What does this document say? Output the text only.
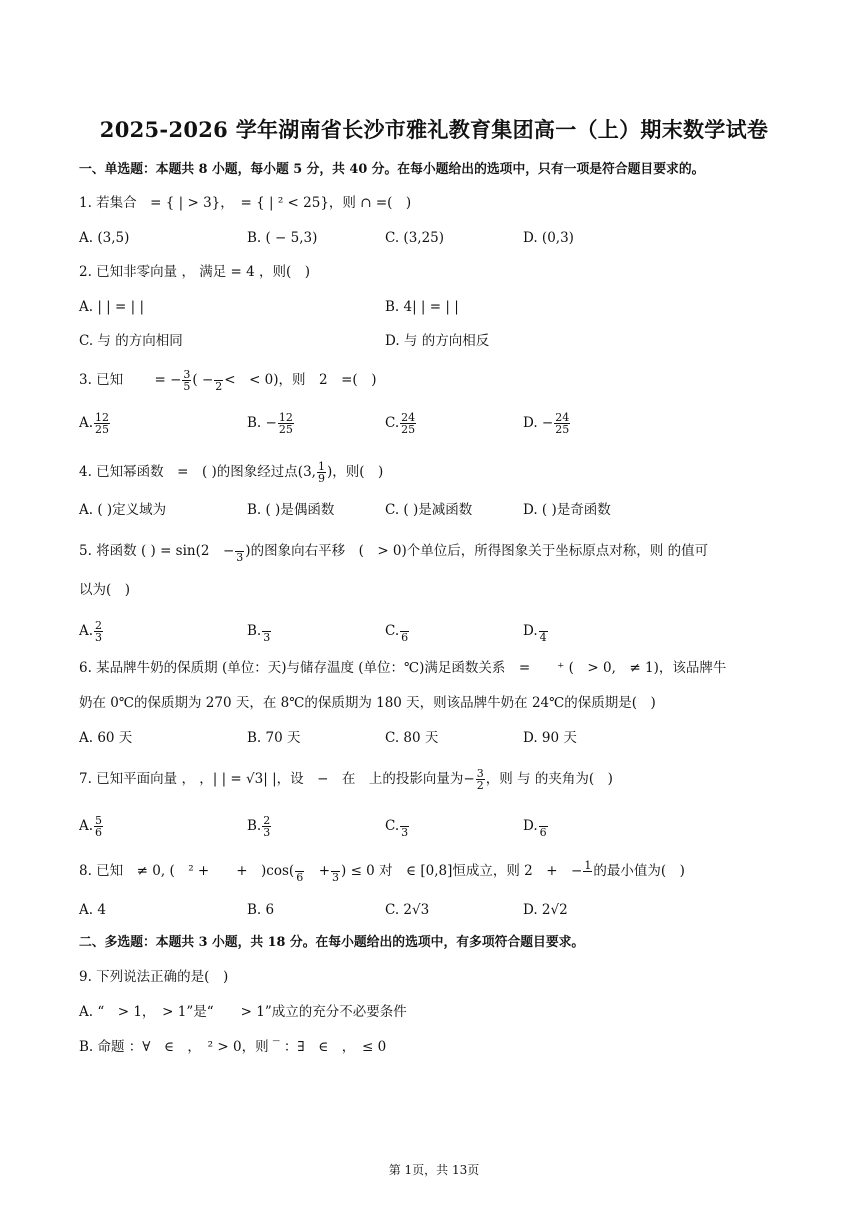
2025-2026 学年湖南省长沙市雅礼教育集团高一（上）期末数学试卷
一、单选题：本题共 8 小题，每小题 5 分，共 40 分。在每小题给出的选项中，只有一项是符合题目要求的。
1. 若集合　= { | > 3}，　= { | ² < 25}，则 ∩ =(　)
A. (3,5)	B. ( − 5,3)	C. (3,25)	D. (0,3)
2. 已知非零向量 ， 满足 = 4 ，则(　)
A. | | = | |	B. 4| | = | |
C. 与 的方向相同	D. 与 的方向相反
3. 已知　　 = − $\frac{3}{5}$ ( − 2 <　< 0)，则　2　=(　)
A. $\frac{12}{25}$	B. − $\frac{12}{25}$	C. $\frac{24}{25}$	D. − $\frac{24}{25}$
4. 已知幂函数　=　( )的图象经过点(3, $\frac{1}{9}$ )，则(　)
A. ( )定义域为	B. ( )是偶函数	C. ( )是减函数	D. ( )是奇函数
5. 将函数 ( ) = sin(2　− 3 )的图象向右平移　(　> 0)个单位后，所得图象关于坐标原点对称，则 的值可
以为(　)
A. $\frac{2}{3}$	B. 3	C. 6	D. 4
6. 某品牌牛奶的保质期 (单位：天)与储存温度 (单位：℃)满足函数关系　=　　⁺ (　> 0,　≠ 1)，该品牌牛
奶在 0℃的保质期为 270 天，在 8℃的保质期为 180 天，则该品牌牛奶在 24℃的保质期是(　)
A. 60 天	B. 70 天	C. 80 天	D. 90 天
7. 已知平面向量 ， ，| | = √3| |，设　−　在　上的投影向量为− $\frac{3}{2}$ ，则 与 的夹角为(　)
A. $\frac{5}{6}$	B. $\frac{2}{3}$	C. 3	D. 6
8. 已知　≠ 0, (　² +　　+　)cos( 6 　+ 3 ) ≤ 0 对　∈ [0,8]恒成立，则 2　+　− 1 的最小值为(　)
A. 4	B. 6	C. 2√3	D. 2√2
二、多选题：本题共 3 小题，共 18 分。在每小题给出的选项中，有多项符合题目要求。
9. 下列说法正确的是(　)
A. “　> 1，　> 1”是“　　> 1”成立的充分不必要条件
B. 命题 ：∀　∈　，　² > 0，则 ‾ ：∃　∈　，　≤ 0
第 1页，共 13页
